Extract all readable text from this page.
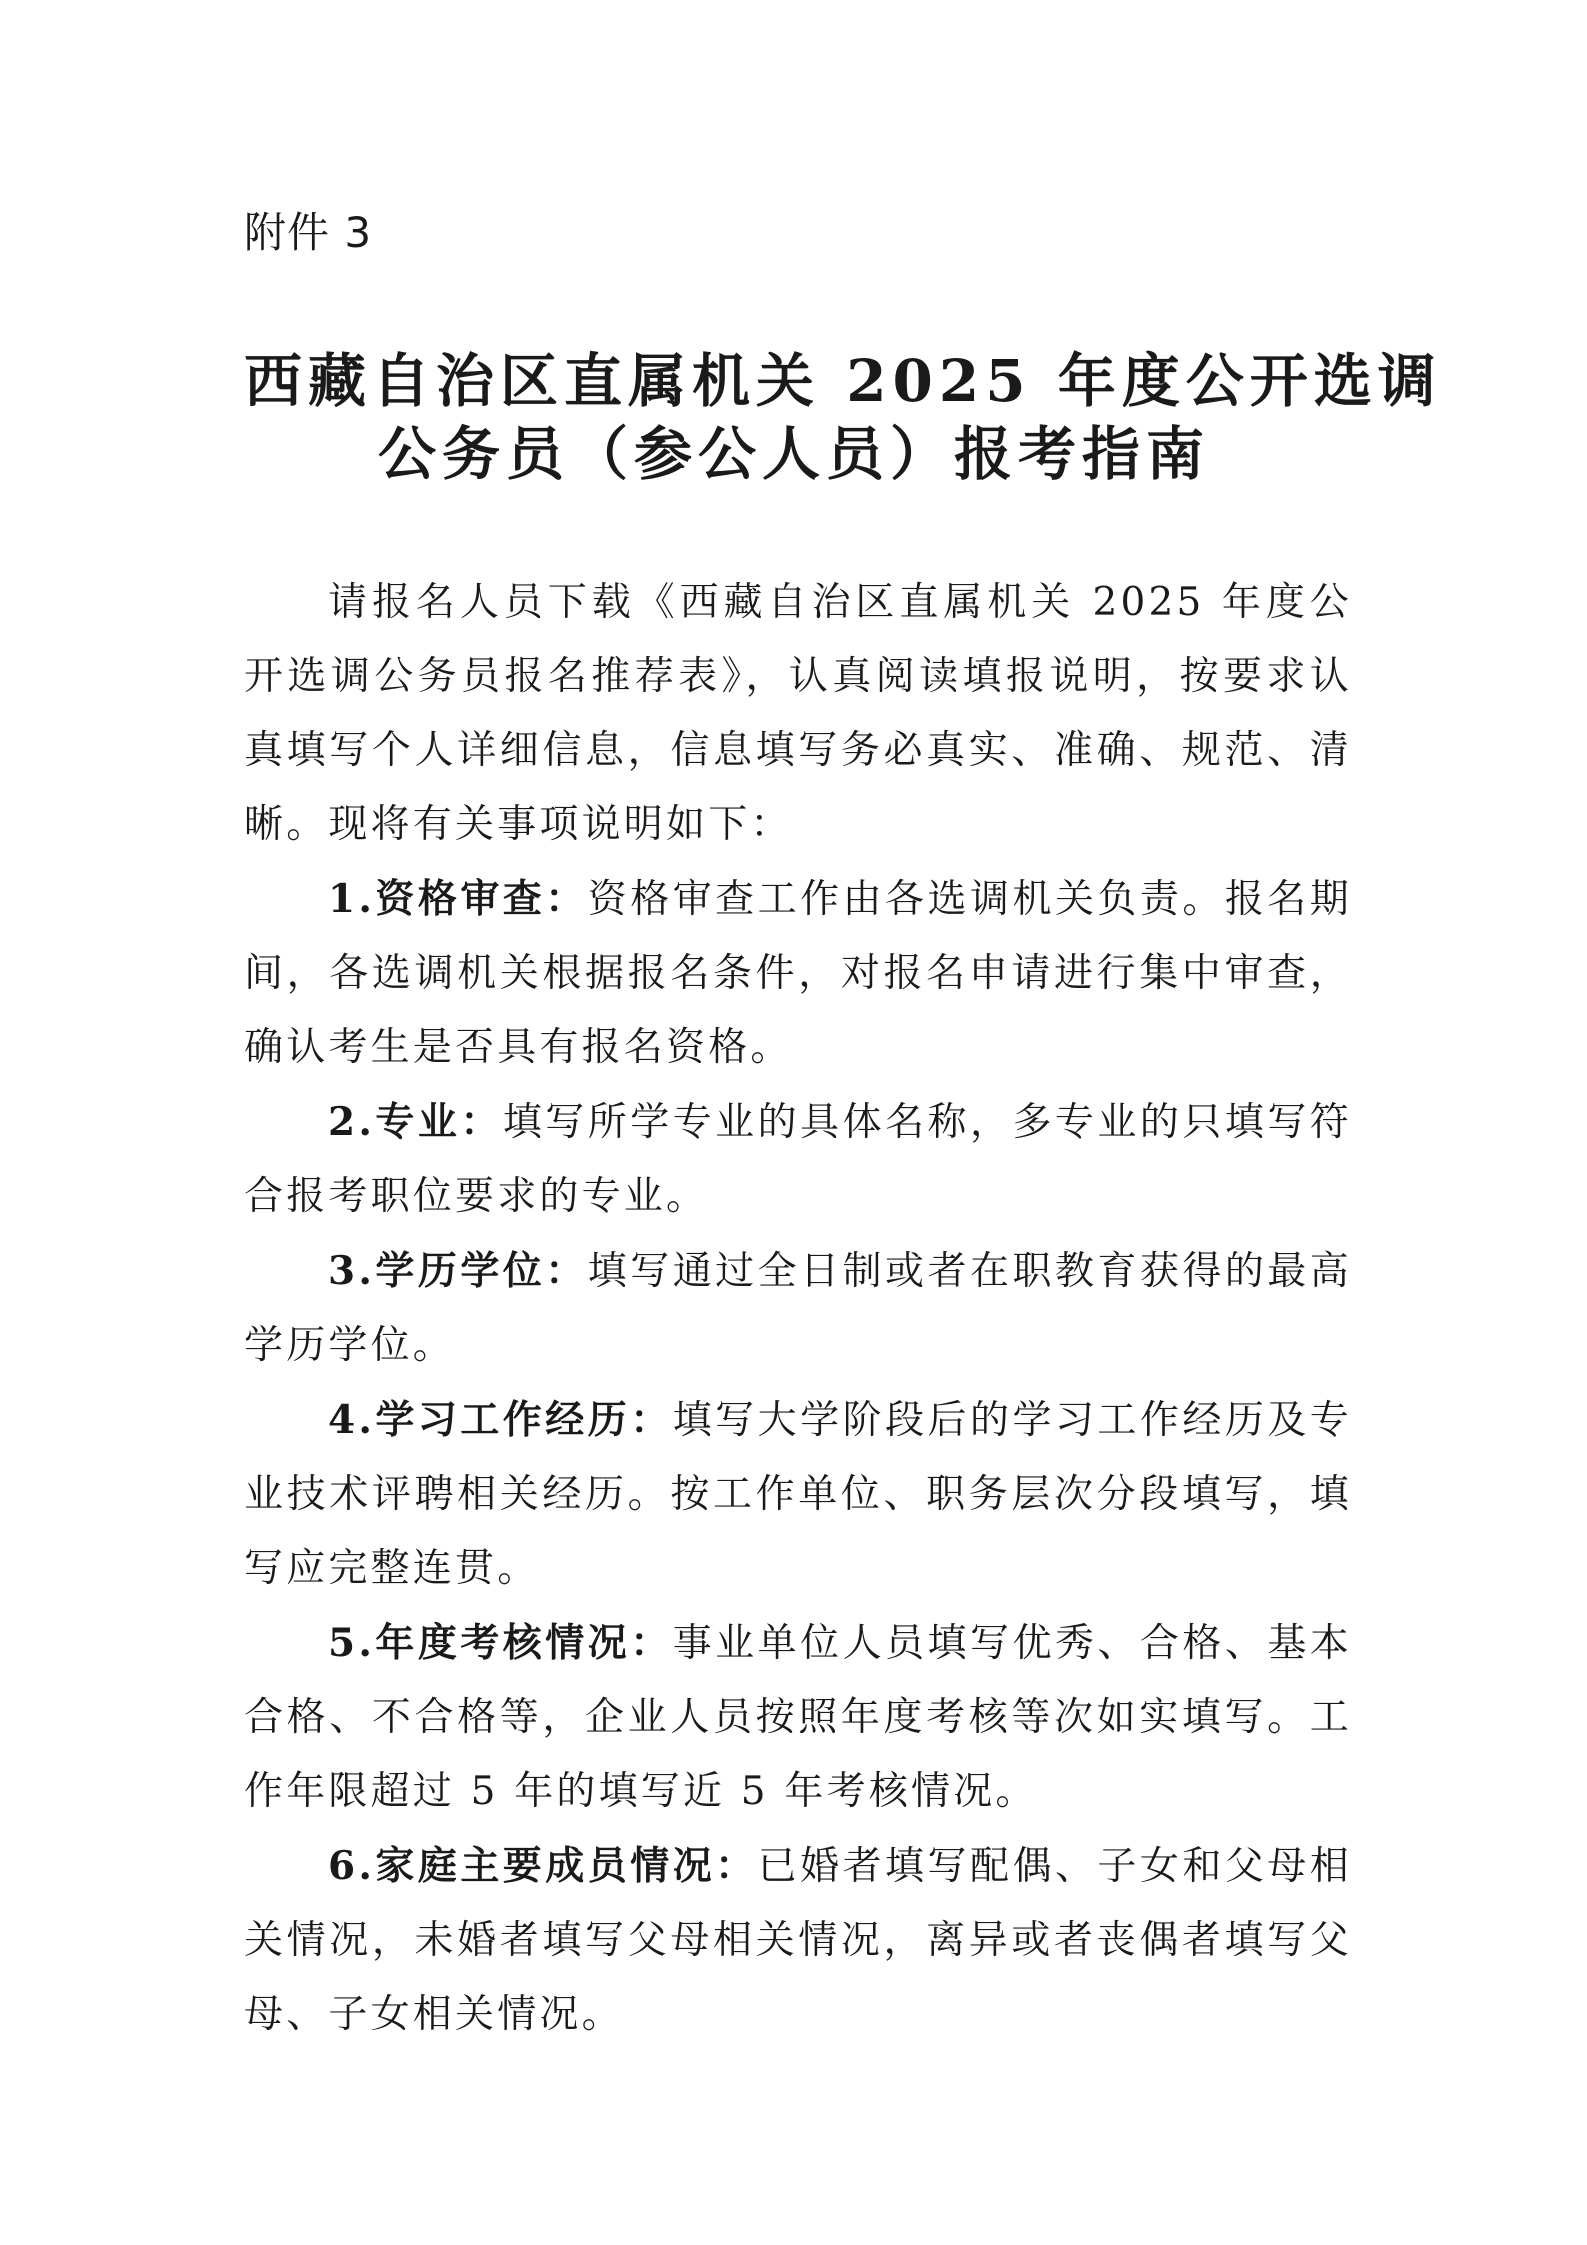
附件 3

西藏自治区直属机关 2025 年度公开选调
公务员（参公人员）报考指南

请报名人员下载《西藏自治区直属机关 2025 年度公开选调公务员报名推荐表》，认真阅读填报说明，按要求认真填写个人详细信息，信息填写务必真实、准确、规范、清晰。现将有关事项说明如下：

1.资格审查：资格审查工作由各选调机关负责。报名期间，各选调机关根据报名条件，对报名申请进行集中审查，确认考生是否具有报名资格。

2.专业：填写所学专业的具体名称，多专业的只填写符合报考职位要求的专业。

3.学历学位：填写通过全日制或者在职教育获得的最高学历学位。

4.学习工作经历：填写大学阶段后的学习工作经历及专业技术评聘相关经历。按工作单位、职务层次分段填写，填写应完整连贯。

5.年度考核情况：事业单位人员填写优秀、合格、基本合格、不合格等，企业人员按照年度考核等次如实填写。工作年限超过 5 年的填写近 5 年考核情况。

6.家庭主要成员情况：已婚者填写配偶、子女和父母相关情况，未婚者填写父母相关情况，离异或者丧偶者填写父母、子女相关情况。
